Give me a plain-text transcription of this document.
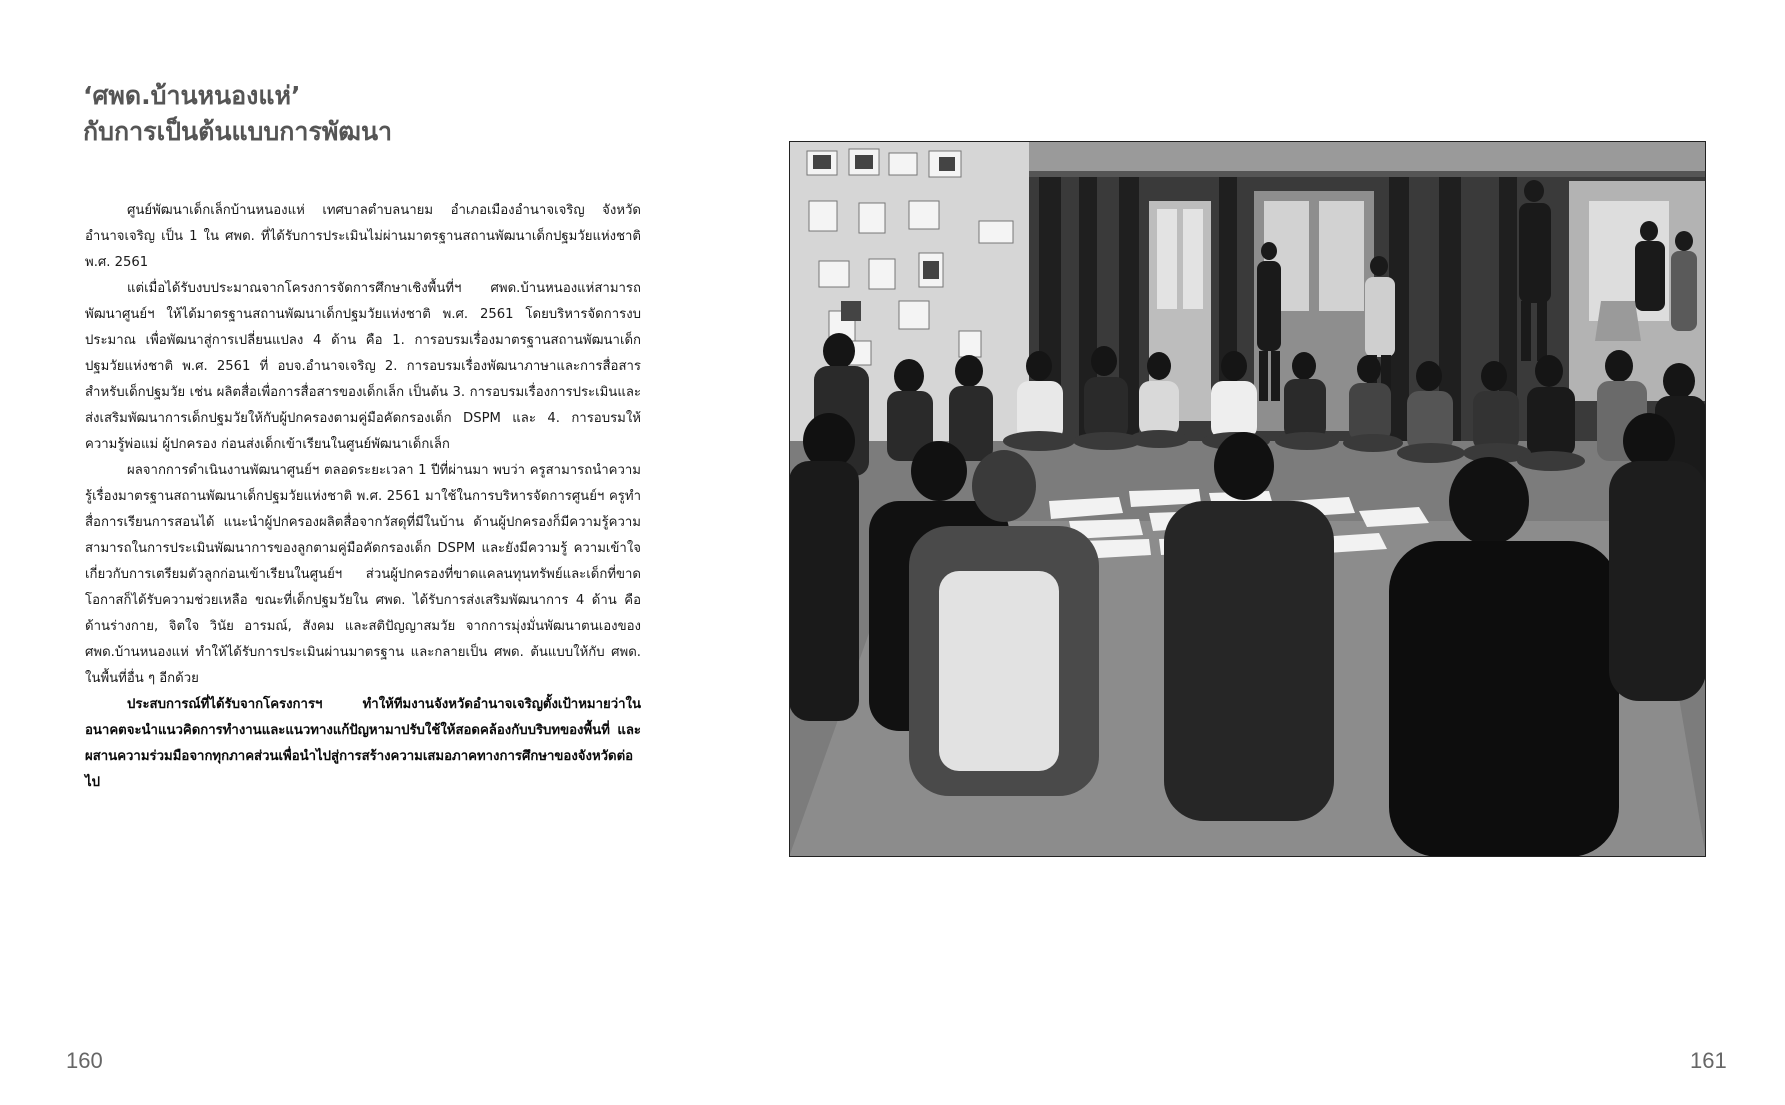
‘ศพด.บ้านหนองแห่’
กับการเป็นต้นแบบการพัฒนา

ศูนย์พัฒนาเด็กเล็กบ้านหนองแห่ เทศบาลตำบลนายม อำเภอเมืองอำนาจเจริญ จังหวัดอำนาจเจริญ เป็น 1 ใน ศพด. ที่ได้รับการประเมินไม่ผ่านมาตรฐานสถานพัฒนาเด็กปฐมวัยแห่งชาติ พ.ศ. 2561

แต่เมื่อได้รับงบประมาณจากโครงการจัดการศึกษาเชิงพื้นที่ฯ ศพด.บ้านหนองแห่สามารถพัฒนาศูนย์ฯ ให้ได้มาตรฐานสถานพัฒนาเด็กปฐมวัยแห่งชาติ พ.ศ. 2561 โดยบริหารจัดการงบประมาณ เพื่อพัฒนาสู่การเปลี่ยนแปลง 4 ด้าน คือ 1. การอบรมเรื่องมาตรฐานสถานพัฒนาเด็กปฐมวัยแห่งชาติ พ.ศ. 2561 ที่ อบจ.อำนาจเจริญ 2. การอบรมเรื่องพัฒนาภาษาและการสื่อสารสำหรับเด็กปฐมวัย เช่น ผลิตสื่อเพื่อการสื่อสารของเด็กเล็ก เป็นต้น 3. การอบรมเรื่องการประเมินและส่งเสริมพัฒนาการเด็กปฐมวัยให้กับผู้ปกครองตามคู่มือคัดกรองเด็ก DSPM และ 4. การอบรมให้ความรู้พ่อแม่ ผู้ปกครอง ก่อนส่งเด็กเข้าเรียนในศูนย์พัฒนาเด็กเล็ก

ผลจากการดำเนินงานพัฒนาศูนย์ฯ ตลอดระยะเวลา 1 ปีที่ผ่านมา พบว่า ครูสามารถนำความรู้เรื่องมาตรฐานสถานพัฒนาเด็กปฐมวัยแห่งชาติ พ.ศ. 2561 มาใช้ในการบริหารจัดการศูนย์ฯ ครูทำสื่อการเรียนการสอนได้ แนะนำผู้ปกครองผลิตสื่อจากวัสดุที่มีในบ้าน ด้านผู้ปกครองก็มีความรู้ความสามารถในการประเมินพัฒนาการของลูกตามคู่มือคัดกรองเด็ก DSPM และยังมีความรู้ ความเข้าใจเกี่ยวกับการเตรียมตัวลูกก่อนเข้าเรียนในศูนย์ฯ ส่วนผู้ปกครองที่ขาดแคลนทุนทรัพย์และเด็กที่ขาดโอกาสก็ได้รับความช่วยเหลือ ขณะที่เด็กปฐมวัยใน ศพด. ได้รับการส่งเสริมพัฒนาการ 4 ด้าน คือ ด้านร่างกาย, จิตใจ วินัย อารมณ์, สังคม และสติปัญญาสมวัย จากการมุ่งมั่นพัฒนาตนเองของ ศพด.บ้านหนองแห่ ทำให้ได้รับการประเมินผ่านมาตรฐาน และกลายเป็น ศพด. ต้นแบบให้กับ ศพด. ในพื้นที่อื่น ๆ อีกด้วย

ประสบการณ์ที่ได้รับจากโครงการฯ ทำให้ทีมงานจังหวัดอำนาจเจริญตั้งเป้าหมายว่าในอนาคตจะนำแนวคิดการทำงานและแนวทางแก้ปัญหามาปรับใช้ให้สอดคล้องกับบริบทของพื้นที่ และผสานความร่วมมือจากทุกภาคส่วนเพื่อนำไปสู่การสร้างความเสมอภาคทางการศึกษาของจังหวัดต่อไป

160	161
